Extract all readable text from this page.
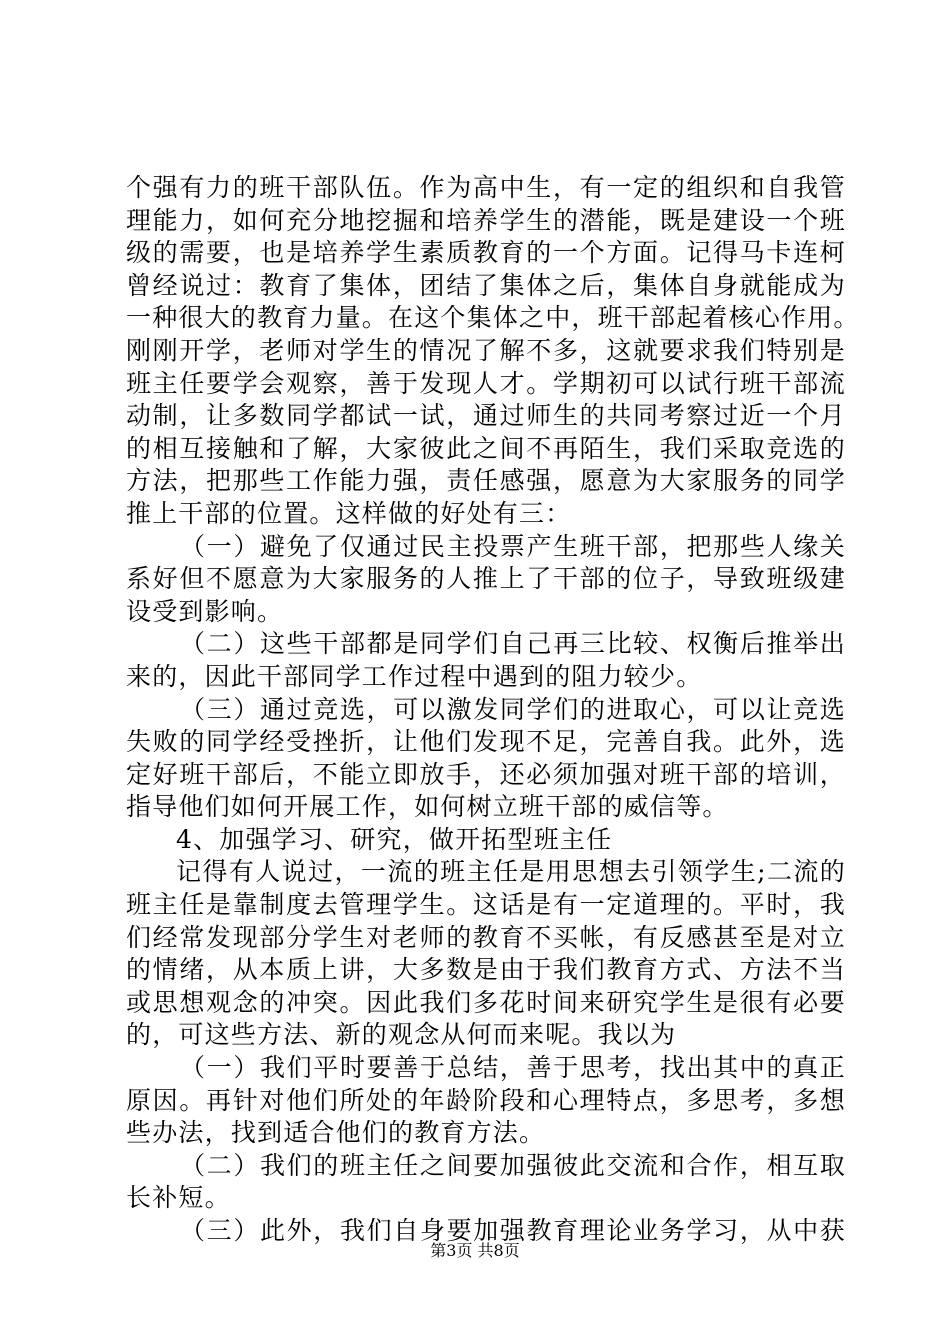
个强有力的班干部队伍。作为高中生，有一定的组织和自我管
理能力，如何充分地挖掘和培养学生的潜能，既是建设一个班
级的需要，也是培养学生素质教育的一个方面。记得马卡连柯
曾经说过：教育了集体，团结了集体之后，集体自身就能成为
一种很大的教育力量。在这个集体之中，班干部起着核心作用。
刚刚开学，老师对学生的情况了解不多，这就要求我们特别是
班主任要学会观察，善于发现人才。学期初可以试行班干部流
动制，让多数同学都试一试，通过师生的共同考察过近一个月
的相互接触和了解，大家彼此之间不再陌生，我们采取竞选的
方法，把那些工作能力强，责任感强，愿意为大家服务的同学
推上干部的位置。这样做的好处有三：
（一）避免了仅通过民主投票产生班干部，把那些人缘关
系好但不愿意为大家服务的人推上了干部的位子，导致班级建
设受到影响。
（二）这些干部都是同学们自己再三比较、权衡后推举出
来的，因此干部同学工作过程中遇到的阻力较少。
（三）通过竞选，可以激发同学们的进取心，可以让竞选
失败的同学经受挫折，让他们发现不足，完善自我。此外，选
定好班干部后，不能立即放手，还必须加强对班干部的培训，
指导他们如何开展工作，如何树立班干部的威信等。
4、加强学习、研究，做开拓型班主任
记得有人说过，一流的班主任是用思想去引领学生;二流的
班主任是靠制度去管理学生。这话是有一定道理的。平时，我
们经常发现部分学生对老师的教育不买帐，有反感甚至是对立
的情绪，从本质上讲，大多数是由于我们教育方式、方法不当
或思想观念的冲突。因此我们多花时间来研究学生是很有必要
的，可这些方法、新的观念从何而来呢。我以为
（一）我们平时要善于总结，善于思考，找出其中的真正
原因。再针对他们所处的年龄阶段和心理特点，多思考，多想
些办法，找到适合他们的教育方法。
（二）我们的班主任之间要加强彼此交流和合作，相互取
长补短。
（三）此外，我们自身要加强教育理论业务学习，从中获
第3页 共8页
